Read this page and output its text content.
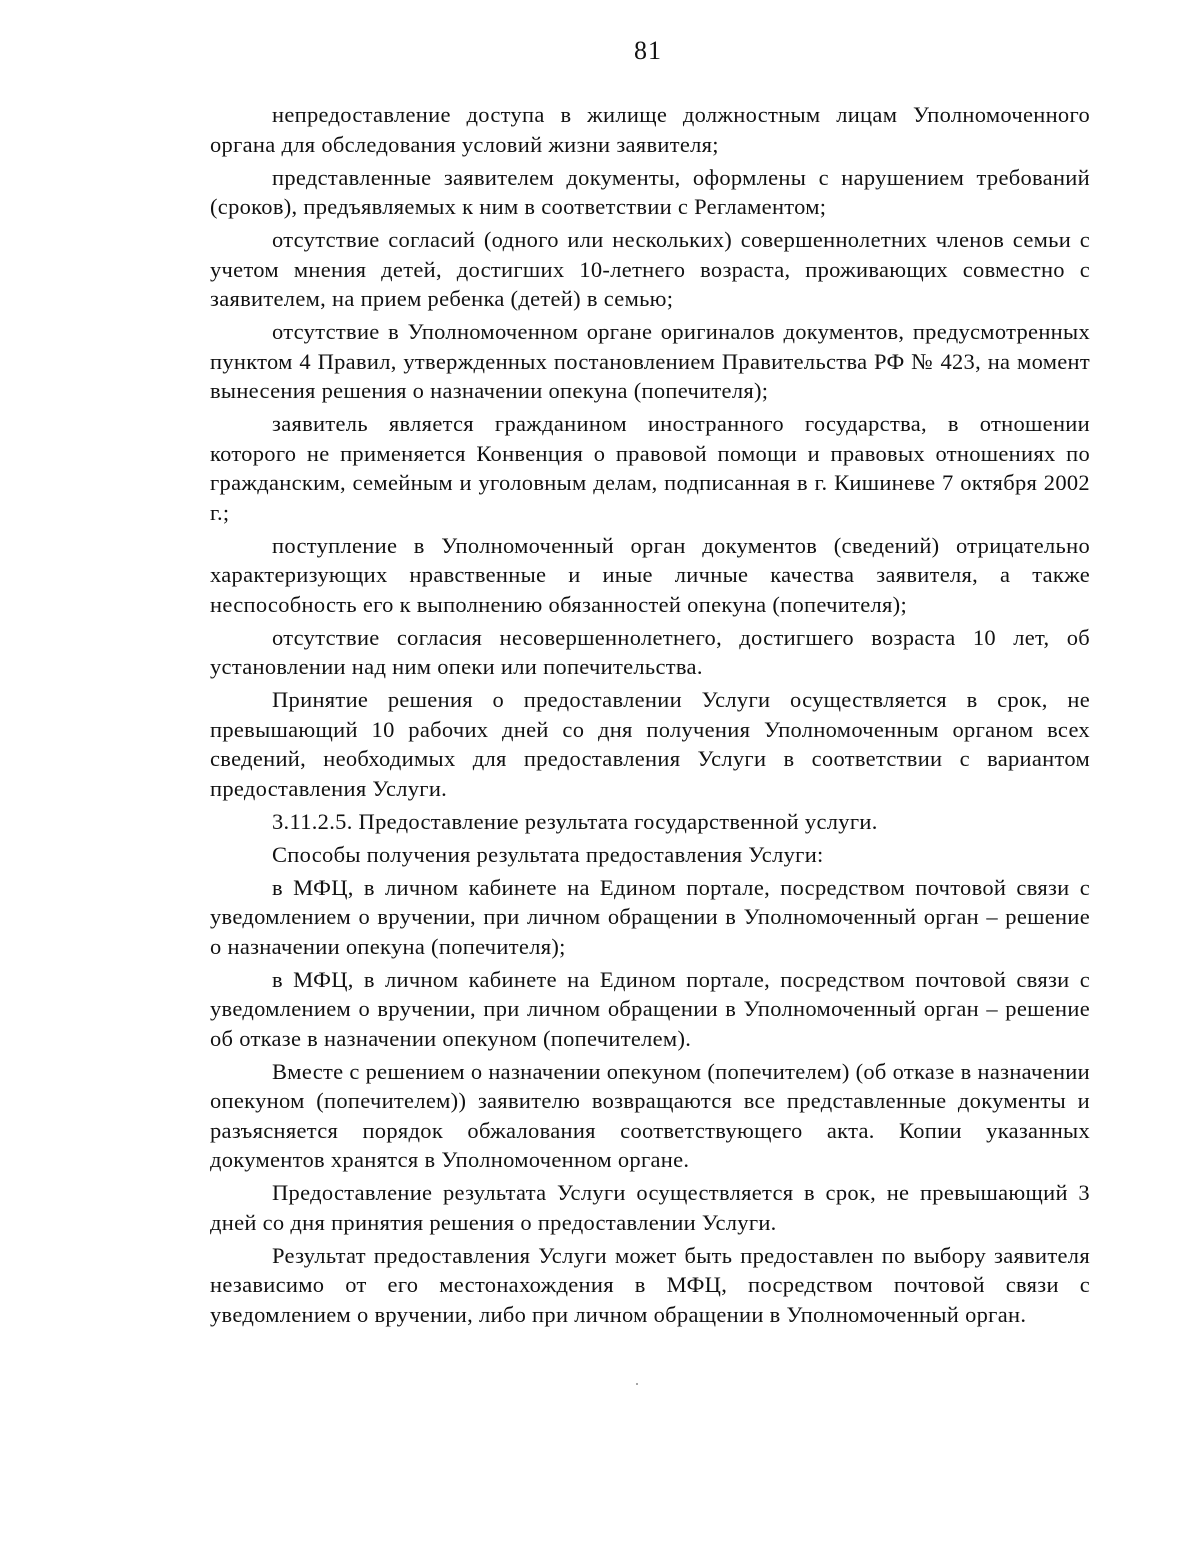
81

непредоставление доступа в жилище должностным лицам Уполномоченного органа для обследования условий жизни заявителя;

представленные заявителем документы, оформлены с нарушением требований (сроков), предъявляемых к ним в соответствии с Регламентом;

отсутствие согласий (одного или нескольких) совершеннолетних членов семьи с учетом мнения детей, достигших 10-летнего возраста, проживающих совместно с заявителем, на прием ребенка (детей) в семью;

отсутствие в Уполномоченном органе оригиналов документов, предусмотренных пунктом 4 Правил, утвержденных постановлением Правительства РФ № 423, на момент вынесения решения о назначении опекуна (попечителя);

заявитель является гражданином иностранного государства, в отношении которого не применяется Конвенция о правовой помощи и правовых отношениях по гражданским, семейным и уголовным делам, подписанная в г. Кишиневе 7 октября 2002 г.;

поступление в Уполномоченный орган документов (сведений) отрицательно характеризующих нравственные и иные личные качества заявителя, а также неспособность его к выполнению обязанностей опекуна (попечителя);

отсутствие согласия несовершеннолетнего, достигшего возраста 10 лет, об установлении над ним опеки или попечительства.

Принятие решения о предоставлении Услуги осуществляется в срок, не превышающий 10 рабочих дней со дня получения Уполномоченным органом всех сведений, необходимых для предоставления Услуги в соответствии с вариантом предоставления Услуги.

3.11.2.5. Предоставление результата государственной услуги.

Способы получения результата предоставления Услуги:

в МФЦ, в личном кабинете на Едином портале, посредством почтовой связи с уведомлением о вручении, при личном обращении в Уполномоченный орган – решение о назначении опекуна (попечителя);

в МФЦ, в личном кабинете на Едином портале, посредством почтовой связи с уведомлением о вручении, при личном обращении в Уполномоченный орган – решение об отказе в назначении опекуном (попечителем).

Вместе с решением о назначении опекуном (попечителем) (об отказе в назначении опекуном (попечителем)) заявителю возвращаются все представленные документы и разъясняется порядок обжалования соответствующего акта. Копии указанных документов хранятся в Уполномоченном органе.

Предоставление результата Услуги осуществляется в срок, не превышающий 3 дней со дня принятия решения о предоставлении Услуги.

Результат предоставления Услуги может быть предоставлен по выбору заявителя независимо от его местонахождения в МФЦ, посредством почтовой связи с уведомлением о вручении, либо при личном обращении в Уполномоченный орган.
